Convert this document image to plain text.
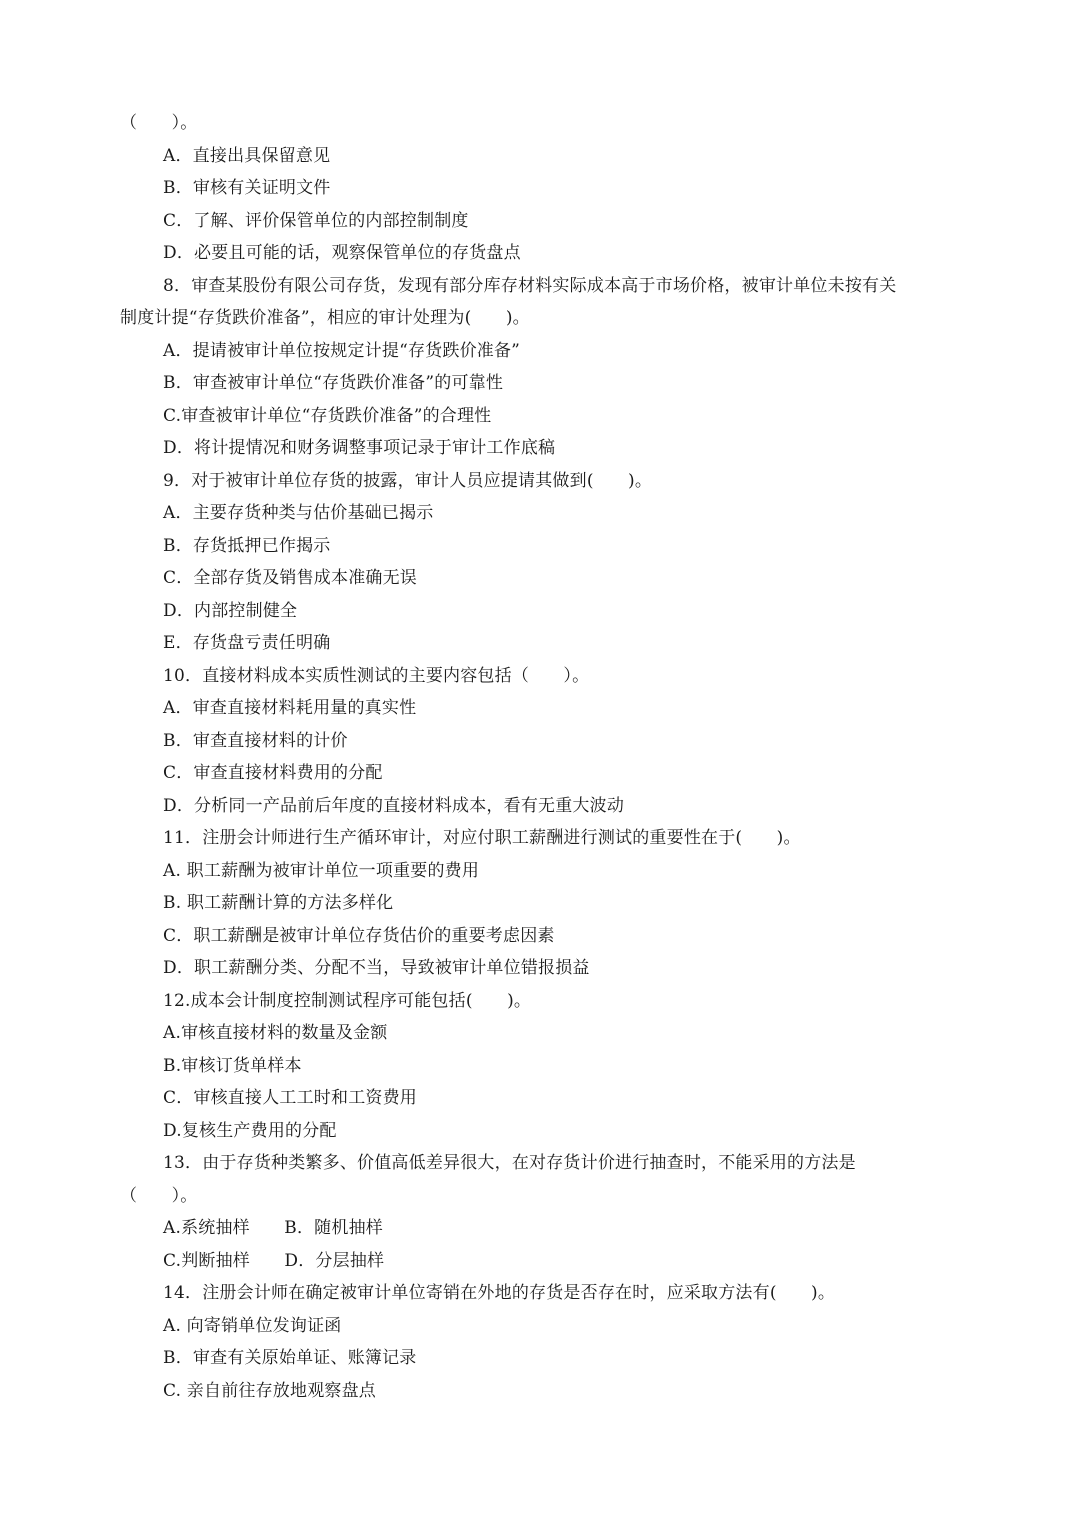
（　　）。
A．直接出具保留意见
B．审核有关证明文件
C．了解、评价保管单位的内部控制制度
D．必要且可能的话，观察保管单位的存货盘点
8．审查某股份有限公司存货，发现有部分库存材料实际成本高于市场价格，被审计单位未按有关
制度计提“存货跌价准备”，相应的审计处理为(　　)。
A．提请被审计单位按规定计提“存货跌价准备”
B．审查被审计单位“存货跌价准备”的可靠性
C.审查被审计单位“存货跌价准备”的合理性
D．将计提情况和财务调整事项记录于审计工作底稿
9．对于被审计单位存货的披露，审计人员应提请其做到(　　)。
A．主要存货种类与估价基础已揭示
B．存货抵押已作揭示
C．全部存货及销售成本准确无误
D．内部控制健全
E．存货盘亏责任明确
10．直接材料成本实质性测试的主要内容包括（　　）。
A．审查直接材料耗用量的真实性
B．审查直接材料的计价
C．审查直接材料费用的分配
D．分析同一产品前后年度的直接材料成本，看有无重大波动
11．注册会计师进行生产循环审计，对应付职工薪酬进行测试的重要性在于(　　)。
A. 职工薪酬为被审计单位一项重要的费用
B. 职工薪酬计算的方法多样化
C．职工薪酬是被审计单位存货估价的重要考虑因素
D．职工薪酬分类、分配不当，导致被审计单位错报损益
12.成本会计制度控制测试程序可能包括(　　)。
A.审核直接材料的数量及金额
B.审核订货单样本
C．审核直接人工工时和工资费用
D.复核生产费用的分配
13．由于存货种类繁多、价值高低差异很大，在对存货计价进行抽查时，不能采用的方法是
（　　）。
A.系统抽样　　B．随机抽样
C.判断抽样　　D．分层抽样
14．注册会计师在确定被审计单位寄销在外地的存货是否存在时，应采取方法有(　　)。
A. 向寄销单位发询证函
B．审查有关原始单证、账簿记录
C. 亲自前往存放地观察盘点
